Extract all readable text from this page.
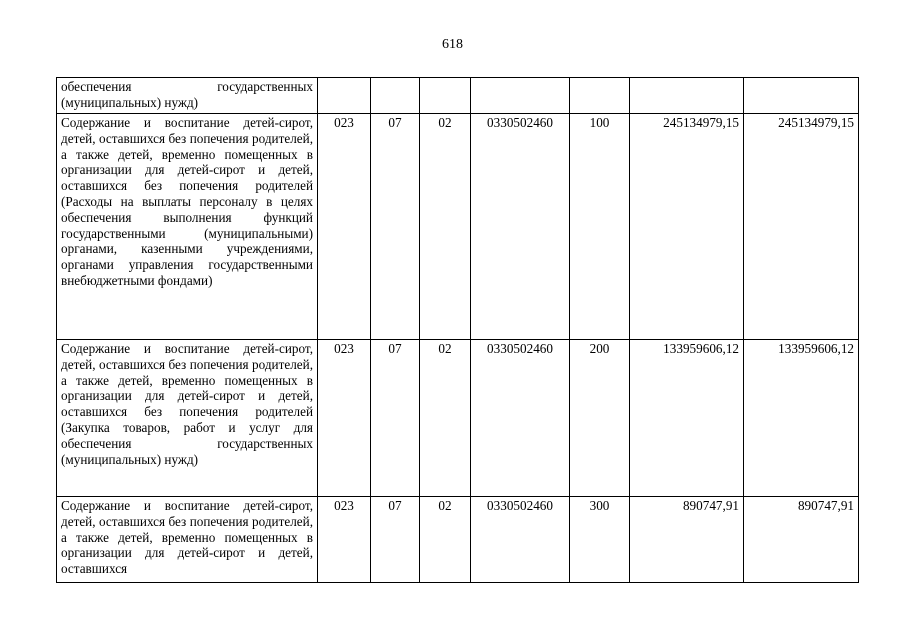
618
обеспечения государственных (муниципальных) нужд)							
Содержание и воспитание детей-сирот, детей, оставшихся без попечения родителей, а также детей, временно помещенных в организации для детей-сирот и детей, оставшихся без попечения родителей (Расходы на выплаты персоналу в целях обеспечения выполнения функций государственными (муниципальными) органами, казенными учреждениями, органами управления государственными внебюджетными фондами)	023	07	02	0330502460	100	245134979,15	245134979,15
Содержание и воспитание детей-сирот, детей, оставшихся без попечения родителей, а также детей, временно помещенных в организации для детей-сирот и детей, оставшихся без попечения родителей (Закупка товаров, работ и услуг для обеспечения государственных (муниципальных) нужд)	023	07	02	0330502460	200	133959606,12	133959606,12
Содержание и воспитание детей-сирот, детей, оставшихся без попечения родителей, а также детей, временно помещенных в организации для детей-сирот и детей, оставшихся	023	07	02	0330502460	300	890747,91	890747,91
